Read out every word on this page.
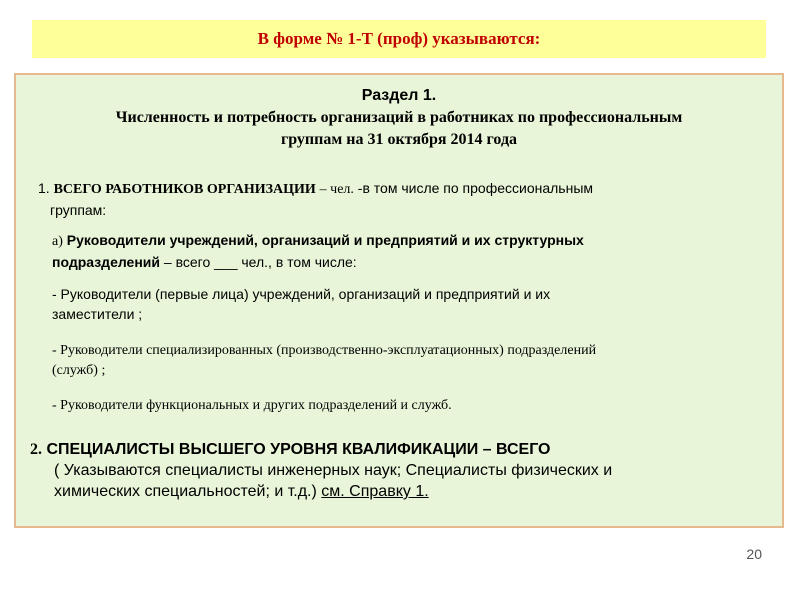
В форме № 1-Т (проф) указываются:
Раздел 1.
Численность и потребность организаций в работниках по профессиональным
группам на 31 октября 2014 года
1. ВСЕГО РАБОТНИКОВ ОРГАНИЗАЦИИ – чел. -в том числе по профессиональным
группам:
а) Руководители учреждений, организаций и предприятий и их структурных
подразделений – всего ___ чел., в том числе:
- Руководители (первые лица) учреждений, организаций и предприятий и их
заместители ;
- Руководители специализированных (производственно-эксплуатационных) подразделений
(служб) ;
- Руководители функциональных и других подразделений и служб.
2. СПЕЦИАЛИСТЫ ВЫСШЕГО УРОВНЯ КВАЛИФИКАЦИИ – ВСЕГО
( Указываются специалисты инженерных наук; Специалисты физических и
химических специальностей; и т.д.) см. Справку 1.
20
